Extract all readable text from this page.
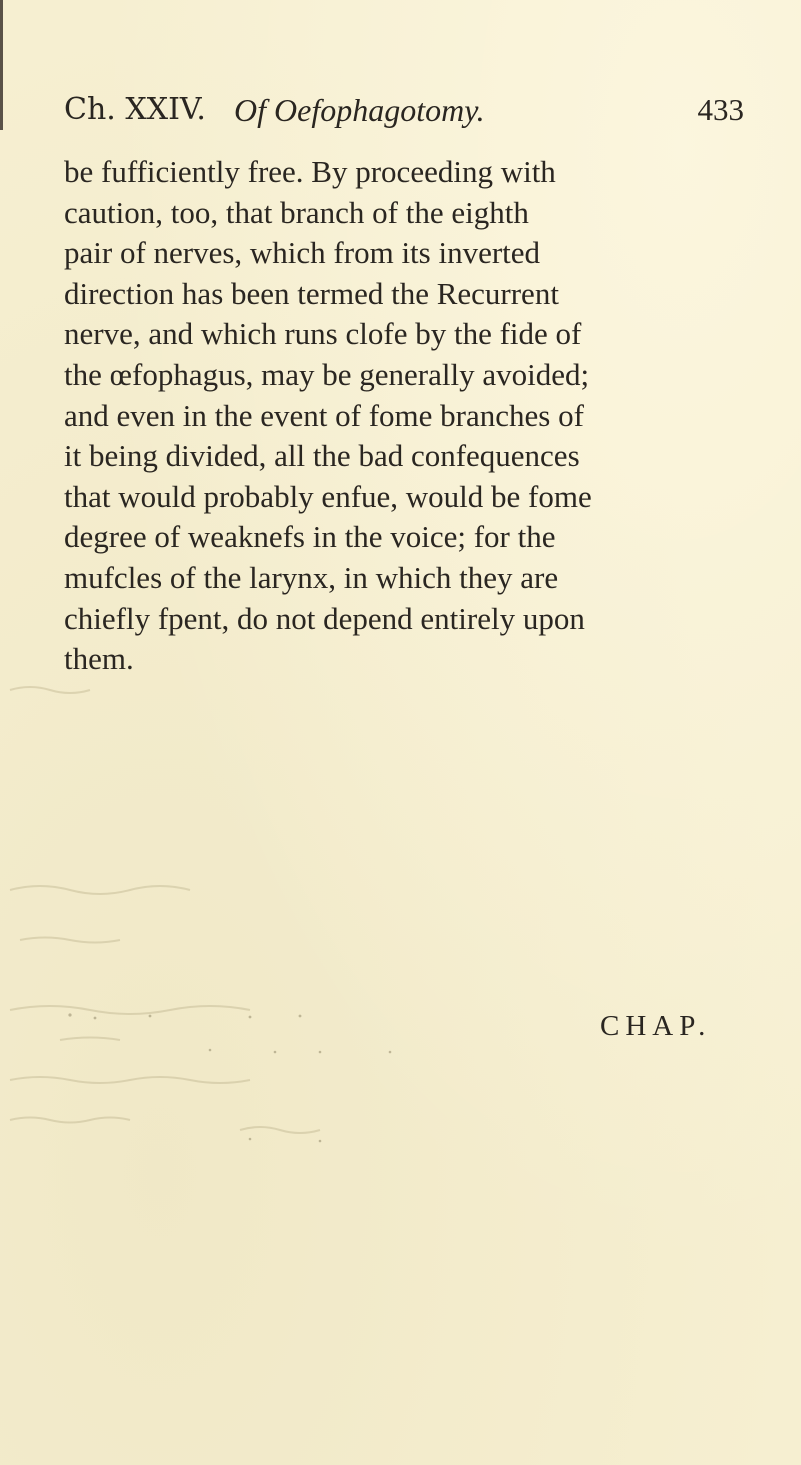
Ch. XXIV. Of Oefophagotomy.	433
be fufficiently free. By proceeding with
caution, too, that branch of the eighth
pair of nerves, which from its inverted
direction has been termed the Recurrent
nerve, and which runs clofe by the fide of
the œfophagus, may be generally avoided;
and even in the event of fome branches of
it being divided, all the bad confequences
that would probably enfue, would be fome
degree of weaknefs in the voice; for the
mufcles of the larynx, in which they are
chiefly fpent, do not depend entirely upon
them.
CHAP.
